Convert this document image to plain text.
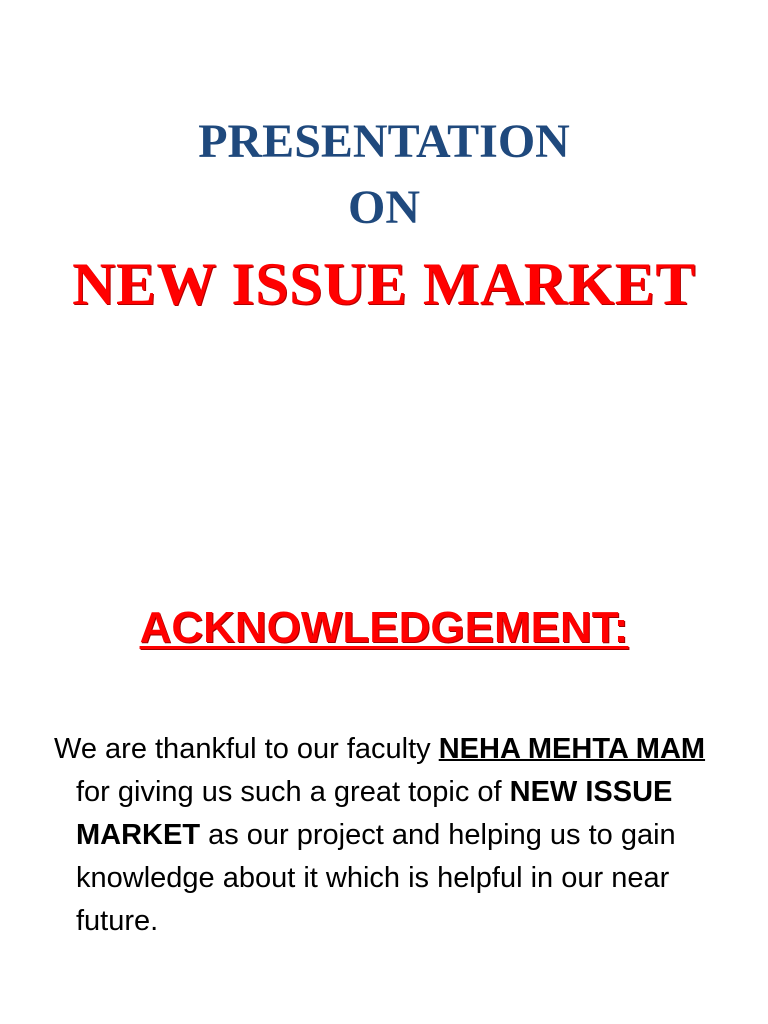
PRESENTATION
ON
NEW ISSUE MARKET
ACKNOWLEDGEMENT:

We are thankful to our faculty NEHA MEHTA MAM for giving us such a great topic of NEW ISSUE MARKET as our project and helping us to gain knowledge about it which is helpful in our near future.
